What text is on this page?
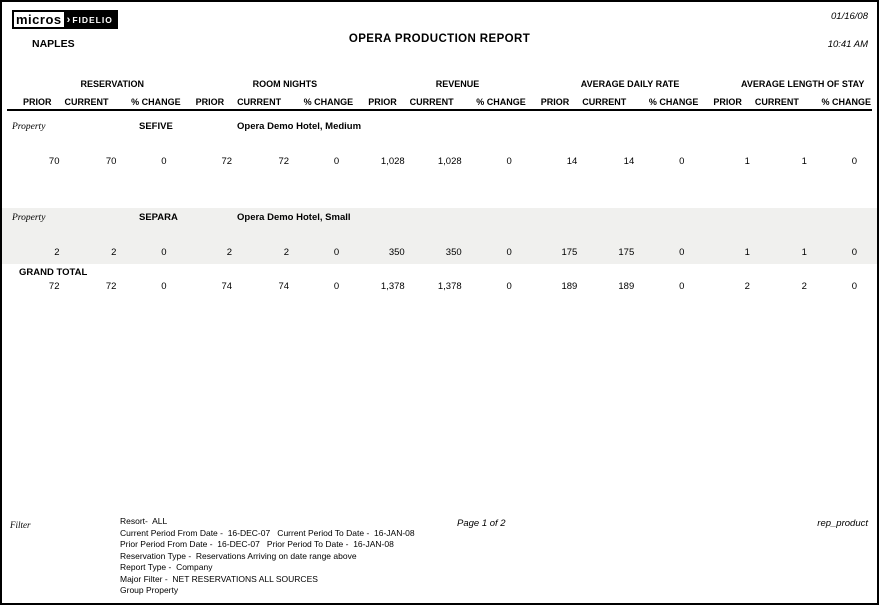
micros › FIDELIO	01/16/08
10:41 AM
NAPLES	OPERA PRODUCTION REPORT
RESERVATION	ROOM NIGHTS	REVENUE	AVERAGE DAILY RATE	AVERAGE LENGTH OF STAY
PRIOR	CURRENT	% CHANGE	PRIOR	CURRENT	% CHANGE	PRIOR	CURRENT	% CHANGE	PRIOR	CURRENT	% CHANGE	PRIOR	CURRENT	% CHANGE
Property	SEFIVE	Opera Demo Hotel, Medium
70	70	0	72	72	0	1,028	1,028	0	14	14	0	1	1	0
Property	SEPARA	Opera Demo Hotel, Small
2	2	0	2	2	0	350	350	0	175	175	0	1	1	0
GRAND TOTAL
72	72	0	74	74	0	1,378	1,378	0	189	189	0	2	2	0
Filter	Resort-  ALL
Current Period From Date -  16-DEC-07   Current Period To Date -  16-JAN-08
Prior Period From Date -  16-DEC-07   Prior Period To Date -  16-JAN-08
Reservation Type -  Reservations Arriving on date range above
Report Type -  Company
Major Filter -  NET RESERVATIONS ALL SOURCES
Group Property
Page 1 of 2	rep_product
